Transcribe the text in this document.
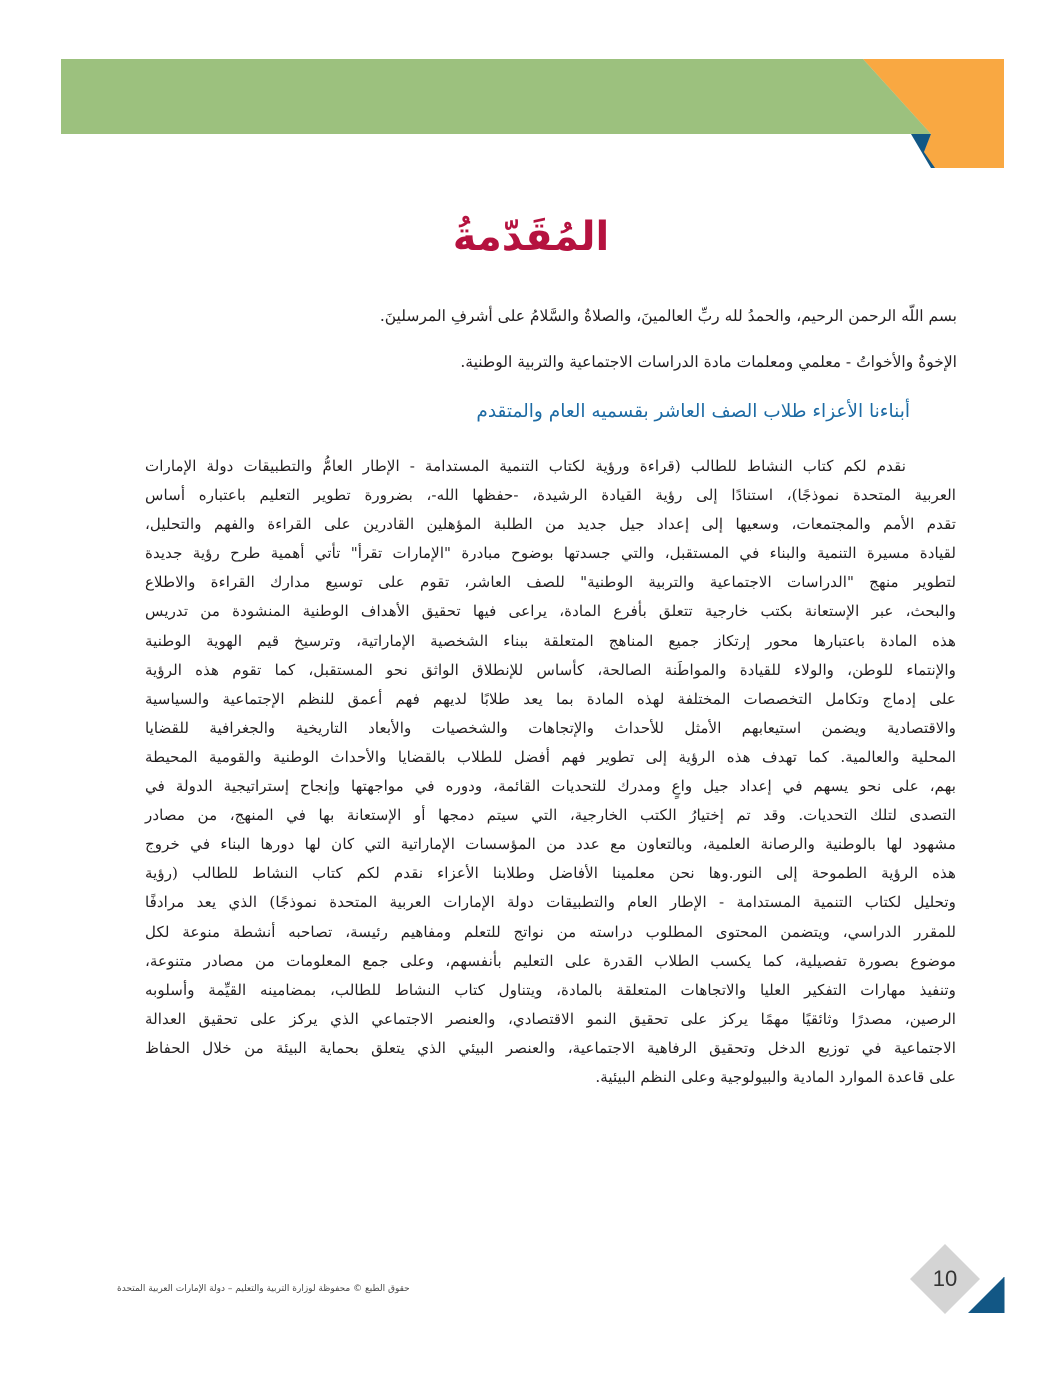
المُقَدّمةُ
بسم اللّه الرحمن الرحيم، والحمدُ لله ربِّ العالمينَ، والصلاةُ والسَّلامُ على أشرفِ المرسلينَ.
الإخوةُ والأخواتُ - معلمي ومعلمات مادة الدراسات الاجتماعية والتربية الوطنية.
أبناءنا الأعزاء طلاب الصف العاشر بقسميه العام والمتقدم
نقدم لكم كتاب النشاط للطالب (قراءة ورؤية لكتاب التنمية المستدامة - الإطار العامُّ والتطبيقات دولة الإمارات
العربية المتحدة نموذجًا)، استنادًا إلى رؤية القيادة الرشيدة، -حفظها الله-، بضرورة تطوير التعليم باعتباره أساس
تقدم الأمم والمجتمعات، وسعيها إلى إعداد جيل جديد من الطلبة المؤهلين القادرين على القراءة والفهم والتحليل،
لقيادة مسيرة التنمية والبناء في المستقبل، والتي جسدتها بوضوح مبادرة "الإمارات تقرأ" تأتي أهمية طرح رؤية جديدة
لتطوير منهج "الدراسات الاجتماعية والتربية الوطنية" للصف العاشر، تقوم على توسيع مدارك القراءة والاطلاع
والبحث، عبر الإستعانة بكتب خارجية تتعلق بأفرع المادة، يراعى فيها تحقيق الأهداف الوطنية المنشودة من تدريس
هذه المادة باعتبارها محور إرتكاز جميع المناهج المتعلقة ببناء الشخصية الإماراتية، وترسيخ قيم الهوية الوطنية
والإنتماء للوطن، والولاء للقيادة والمواطَنة الصالحة، كأساس للإنطلاق الواثق نحو المستقبل، كما تقوم هذه الرؤية
على إدماج وتكامل التخصصات المختلفة لهذه المادة بما يعد طلابًا لديهم فهم أعمق للنظم الإجتماعية والسياسية
والاقتصادية ويضمن استيعابهم الأمثل للأحداث والإتجاهات والشخصيات والأبعاد التاريخية والجغرافية للقضايا
المحلية والعالمية. كما تهدف هذه الرؤية إلى تطوير فهم أفضل للطلاب بالقضايا والأحداث الوطنية والقومية المحيطة
بهم، على نحو يسهم في إعداد جيل واعٍ ومدرك للتحديات القائمة، ودوره في مواجهتها وإنجاح إستراتيجية الدولة في
التصدى لتلك التحديات. وقد تم إختيارُ الكتب الخارجية، التي سيتم دمجها أو الإستعانة بها في المنهج، من مصادر
مشهود لها بالوطنية والرصانة العلمية، وبالتعاون مع عدد من المؤسسات الإماراتية التي كان لها دورها البناء في خروج
هذه الرؤية الطموحة إلى النور.وها نحن معلمينا الأفاضل وطلابنا الأعزاء نقدم لكم كتاب النشاط للطالب (رؤية
وتحليل لكتاب التنمية المستدامة - الإطار العام والتطبيقات دولة الإمارات العربية المتحدة نموذجًا) الذي يعد مرادفًا
للمقرر الدراسي، ويتضمن المحتوى المطلوب دراسته من نواتج للتعلم ومفاهيم رئيسة، تصاحبه أنشطة منوعة لكل
موضوع بصورة تفصيلية، كما يكسب الطلاب القدرة على التعليم بأنفسهم، وعلى جمع المعلومات من مصادر متنوعة،
وتنفيذ مهارات التفكير العليا والاتجاهات المتعلقة بالمادة، ويتناول كتاب النشاط للطالب، بمضامينه القيِّمة وأسلوبه
الرصين، مصدرًا وثائقيًا مهمًا يركز على تحقيق النمو الاقتصادي، والعنصر الاجتماعي الذي يركز على تحقيق العدالة
الاجتماعية في توزيع الدخل وتحقيق الرفاهية الاجتماعية، والعنصر البيئي الذي يتعلق بحماية البيئة من خلال الحفاظ
على قاعدة الموارد المادية والبيولوجية وعلى النظم البيئية.
حقوق الطبع © محفوظة لوزارة التربية والتعليم – دولة الإمارات العربية المتحدة	10
